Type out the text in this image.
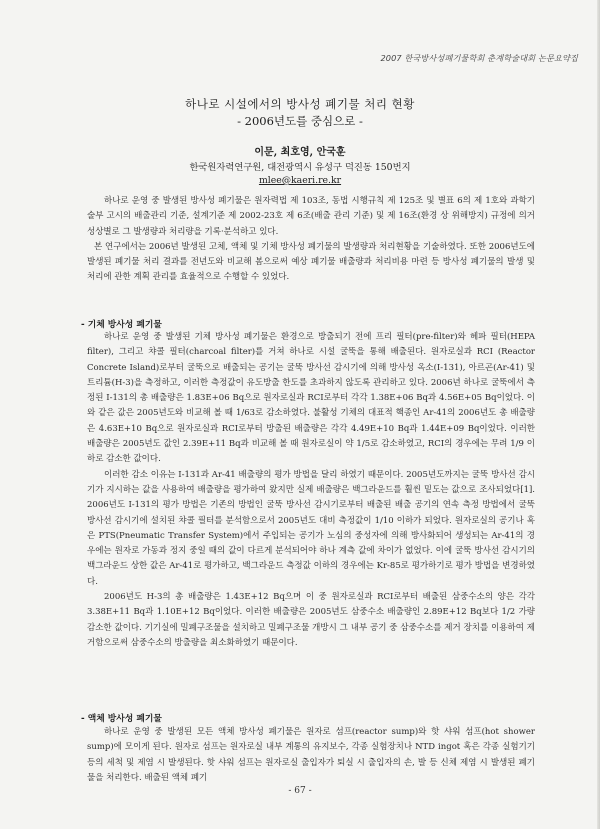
2007 한국방사성폐기물학회 춘계학술대회 논문요약집
하나로 시설에서의 방사성 폐기물 처리 현황
- 2006년도를 중심으로 -
이문, 최호영, 안국훈
한국원자력연구원, 대전광역시 유성구 덕진동 150번지
mlee@kaeri.re.kr

하나로 운영 중 발생된 방사성 폐기물은 원자력법 제 103조, 동법 시행규칙 제 125조 및 별표 6의 제 1호와 과학기술부 고시의 배출관리 기준, 설계기준 제 2002-23호 제 6조(배출 관리 기준) 및 제 16조(환경 상 위해방지) 규정에 의거 성상별로 그 발생량과 처리량을 기록·분석하고 있다.

본 연구에서는 2006년 발생된 고체, 액체 및 기체 방사성 폐기물의 발생량과 처리현황을 기술하였다. 또한 2006년도에 발생된 폐기물 처리 결과를 전년도와 비교해 봄으로써 예상 폐기물 배출량과 처리비용 마련 등 방사성 폐기물의 발생 및 처리에 관한 계획 관리를 효율적으로 수행할 수 있었다.

- 기체 방사성 폐기물

하나로 운영 중 발생된 기체 방사성 폐기물은 환경으로 방출되기 전에 프리 필터(pre-filter)와 헤파 필터(HEPA filter), 그리고 챠콜 필터(charcoal filter)를 거쳐 하나로 시설 굴뚝을 통해 배출된다. 원자로실과 RCI (Reactor Concrete Island)로부터 굴뚝으로 배출되는 공기는 굴뚝 방사선 감시기에 의해 방사성 옥소(I-131), 아르곤(Ar-41) 및 트리튬(H-3)을 측정하고, 이러한 측정값이 유도방출 한도를 초과하지 않도록 관리하고 있다. 2006년 하나로 굴뚝에서 측정된 I-131의 총 배출량은 1.83E+06 Bq으로 원자로실과 RCI로부터 각각 1.38E+06 Bq과 4.56E+05 Bq이었다. 이와 같은 값은 2005년도와 비교해 볼 때 1/63로 감소하였다. 불활성 기체의 대표적 핵종인 Ar-41의 2006년도 총 배출량은 4.63E+10 Bq으로 원자로실과 RCI로부터 방출된 배출량은 각각 4.49E+10 Bq과 1.44E+09 Bq이었다. 이러한 배출량은 2005년도 값인 2.39E+11 Bq과 비교해 볼 때 원자로실이 약 1/5로 감소하였고, RCI의 경우에는 무려 1/9 이하로 감소한 값이다.

이러한 감소 이유는 I-131과 Ar-41 배출량의 평가 방법을 달리 하였기 때문이다. 2005년도까지는 굴뚝 방사선 감시기가 지시하는 값을 사용하여 배출량을 평가하여 왔지만 실제 배출량은 백그라운드를 훨씬 밑도는 값으로 조사되었다[1]. 2006년도 I-131의 평가 방법은 기존의 방법인 굴뚝 방사선 감시기로부터 배출된 배출 공기의 연속 측정 방법에서 굴뚝 방사선 감시기에 설치된 챠콜 필터를 분석함으로서 2005년도 대비 측정값이 1/10 이하가 되었다. 원자로실의 공기나 혹은 PTS(Pneumatic Transfer System)에서 주입되는 공기가 노심의 중성자에 의해 방사화되어 생성되는 Ar-41의 경우에는 원자로 가동과 정지 중일 때의 값이 다르게 분석되어야 하나 계측 값에 차이가 없었다. 이에 굴뚝 방사선 감시기의 백그라운드 상한 값은 Ar-41로 평가하고, 백그라운드 측정값 이하의 경우에는 Kr-85로 평가하기로 평가 방법을 변경하였다.

2006년도 H-3의 총 배출량은 1.43E+12 Bq으며 이 중 원자로실과 RCI로부터 배출된 삼중수소의 양은 각각 3.38E+11 Bq과 1.10E+12 Bq이었다. 이러한 배출량은 2005년도 삼중수소 배출량인 2.89E+12 Bq보다 1/2 가량 감소한 값이다. 기기실에 밀폐구조물을 설치하고 밀폐구조물 개방시 그 내부 공기 중 삼중수소를 제거 장치를 이용하여 제거함으로써 삼중수소의 방출량을 최소화하였기 때문이다.

- 액체 방사성 폐기물

하나로 운영 중 발생된 모든 액체 방사성 폐기물은 원자로 섬프(reactor sump)와 핫 샤워 섬프(hot shower sump)에 모이게 된다. 원자로 섬프는 원자로실 내부 계통의 유지보수, 각종 실험장치나 NTD ingot 혹은 각종 실험기기 등의 세척 및 제염 시 발생된다. 핫 샤워 섬프는 원자로실 출입자가 퇴실 시 출입자의 손, 발 등 신체 제염 시 발생된 폐기물을 처리한다. 배출된 액체 폐기

- 67 -
